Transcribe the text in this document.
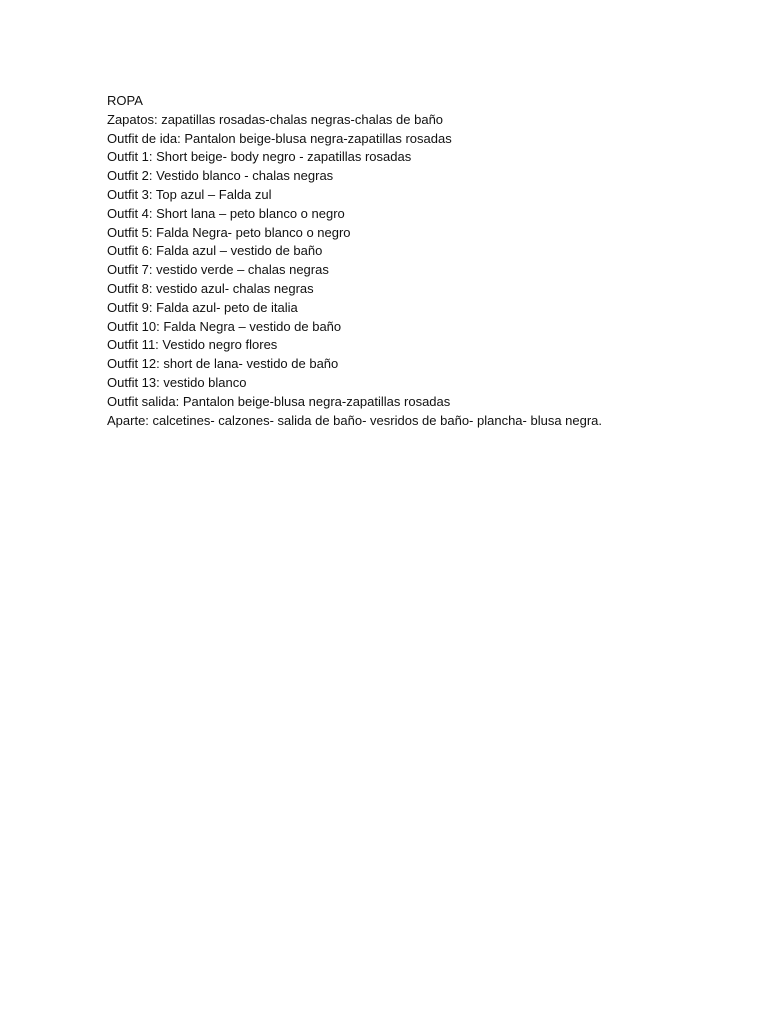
ROPA
Zapatos: zapatillas rosadas-chalas negras-chalas de baño
Outfit de ida: Pantalon beige-blusa negra-zapatillas rosadas
Outfit 1: Short beige- body negro - zapatillas rosadas
Outfit 2: Vestido blanco - chalas negras
Outfit 3: Top azul – Falda zul
Outfit 4: Short lana – peto blanco o negro
Outfit 5: Falda Negra- peto blanco o negro
Outfit 6: Falda azul – vestido de baño
Outfit 7: vestido verde – chalas negras
Outfit 8: vestido azul- chalas negras
Outfit 9: Falda azul- peto de italia
Outfit 10: Falda Negra – vestido de baño
Outfit 11: Vestido negro flores
Outfit 12: short de lana- vestido de baño
Outfit 13: vestido blanco
Outfit salida: Pantalon beige-blusa negra-zapatillas rosadas
Aparte: calcetines- calzones- salida de baño- vesridos de baño- plancha- blusa negra.
